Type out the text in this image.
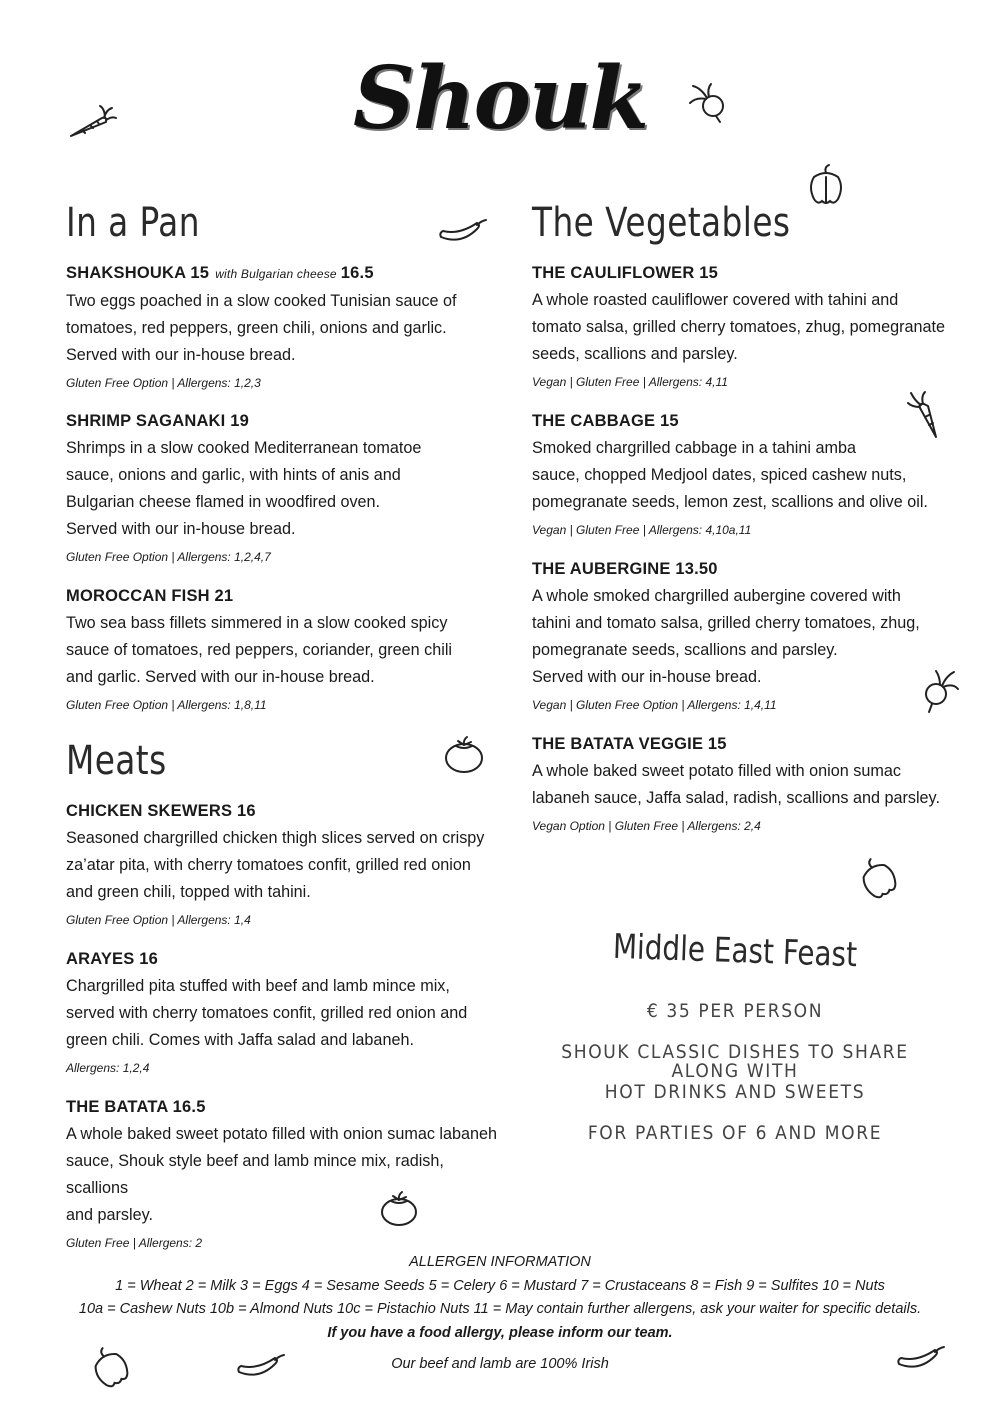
Shouk
In a Pan
Meats
The Vegetables
SHAKSHOUKA 15 with Bulgarian cheese 16.5

Two eggs poached in a slow cooked Tunisian sauce of
tomatoes, red peppers, green chili, onions and garlic.
Served with our in-house bread.

Gluten Free Option | Allergens: 1,2,3
SHRIMP SAGANAKI 19

Shrimps in a slow cooked Mediterranean tomatoe
sauce, onions and garlic, with hints of anis and
Bulgarian cheese flamed in woodfired oven.
Served with our in-house bread.

Gluten Free Option | Allergens: 1,2,4,7
MOROCCAN FISH 21

Two sea bass fillets simmered in a slow cooked spicy
sauce of tomatoes, red peppers, coriander, green chili
and garlic. Served with our in-house bread.

Gluten Free Option | Allergens: 1,8,11
CHICKEN SKEWERS 16

Seasoned chargrilled chicken thigh slices served on crispy
za’atar pita, with cherry tomatoes confit, grilled red onion
and green chili, topped with tahini.

Gluten Free Option | Allergens: 1,4
ARAYES 16

Chargrilled pita stuffed with beef and lamb mince mix,
served with cherry tomatoes confit, grilled red onion and
green chili. Comes with Jaffa salad and labaneh.

Allergens: 1,2,4
THE BATATA 16.5

A whole baked sweet potato filled with onion sumac labaneh
sauce, Shouk style beef and lamb mince mix, radish, scallions
and parsley.

Gluten Free | Allergens: 2
THE CAULIFLOWER 15

A whole roasted cauliflower covered with tahini and
tomato salsa, grilled cherry tomatoes, zhug, pomegranate
seeds, scallions and parsley.

Vegan | Gluten Free | Allergens: 4,11
THE CABBAGE 15

Smoked chargrilled cabbage in a tahini amba
sauce, chopped Medjool dates, spiced cashew nuts,
pomegranate seeds, lemon zest, scallions and olive oil.

Vegan | Gluten Free | Allergens: 4,10a,11
THE AUBERGINE 13.50

A whole smoked chargrilled aubergine covered with
tahini and tomato salsa, grilled cherry tomatoes, zhug,
pomegranate seeds, scallions and parsley.
Served with our in-house bread.

Vegan | Gluten Free Option | Allergens: 1,4,11
THE BATATA VEGGIE 15

A whole baked sweet potato filled with onion sumac
labaneh sauce, Jaffa salad, radish, scallions and parsley.

Vegan Option | Gluten Free | Allergens: 2,4
Middle East Feast
€ 35 PER PERSON
SHOUK CLASSIC DISHES TO SHARE ALONG WITH
HOT DRINKS AND SWEETS
FOR PARTIES OF 6 AND MORE
ALLERGEN INFORMATION
1 = Wheat 2 = Milk 3 = Eggs 4 = Sesame Seeds 5 = Celery 6 = Mustard 7 = Crustaceans 8 = Fish 9 = Sulfites 10 = Nuts
10a = Cashew Nuts 10b = Almond Nuts 10c = Pistachio Nuts 11 = May contain further allergens, ask your waiter for specific details.
If you have a food allergy, please inform our team.
Our beef and lamb are 100% Irish
